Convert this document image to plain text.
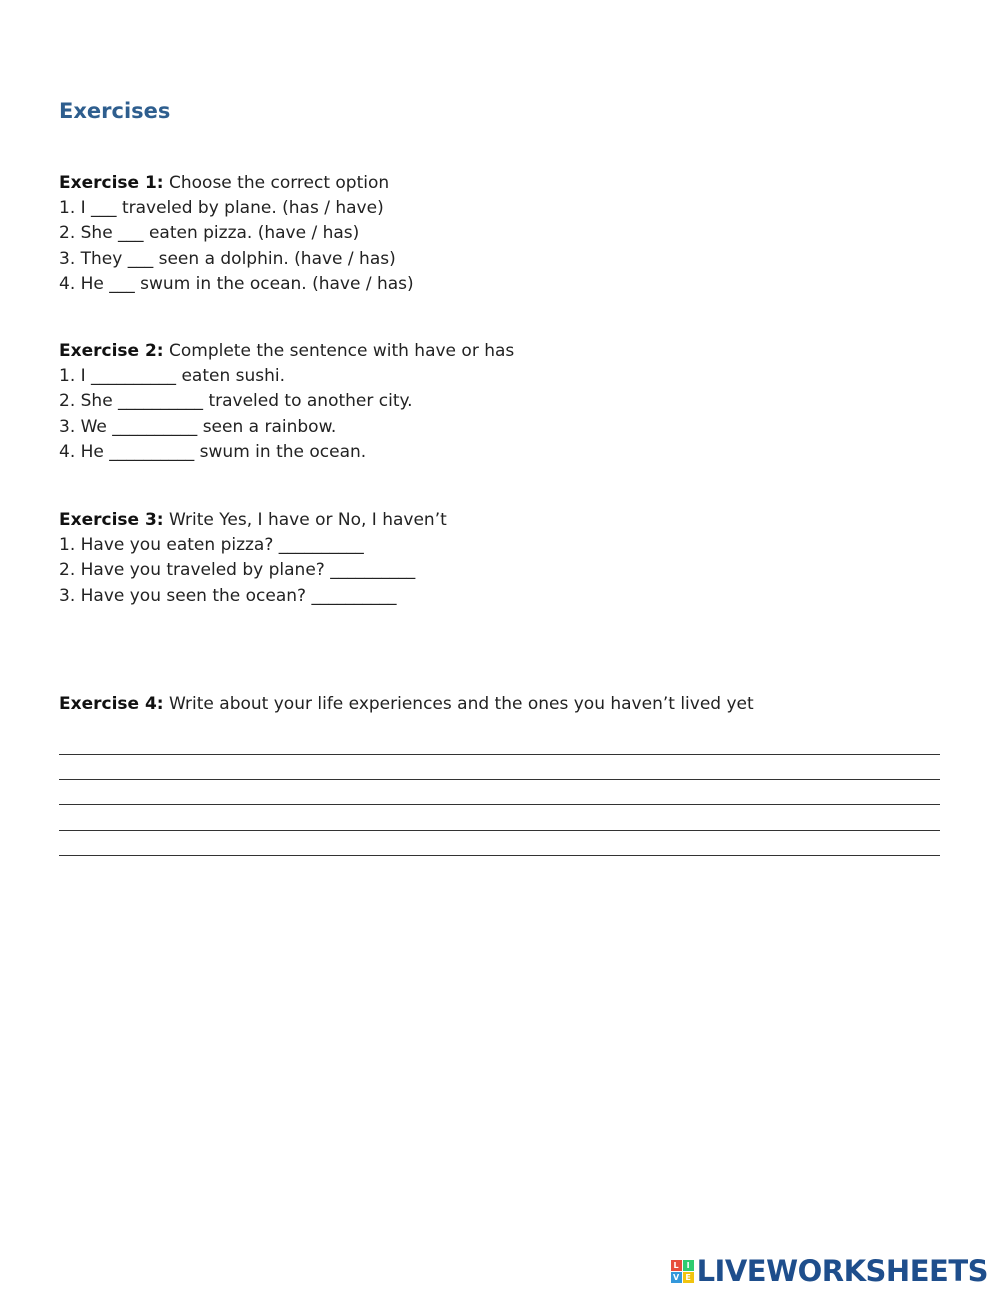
Exercises
Exercise 1: Choose the correct option
1. I ___ traveled by plane. (has / have)
2. She ___ eaten pizza. (have / has)
3. They ___ seen a dolphin. (have / has)
4. He ___ swum in the ocean. (have / has)
Exercise 2: Complete the sentence with have or has
1. I __________ eaten sushi.
2. She __________ traveled to another city.
3. We __________ seen a rainbow.
4. He __________ swum in the ocean.
Exercise 3: Write Yes, I have or No, I haven’t
1. Have you eaten pizza? __________
2. Have you traveled by plane? __________
3. Have you seen the ocean? __________
Exercise 4: Write about your life experiences and the ones you haven’t lived yet
L I
V E LIVEWORKSHEETS
